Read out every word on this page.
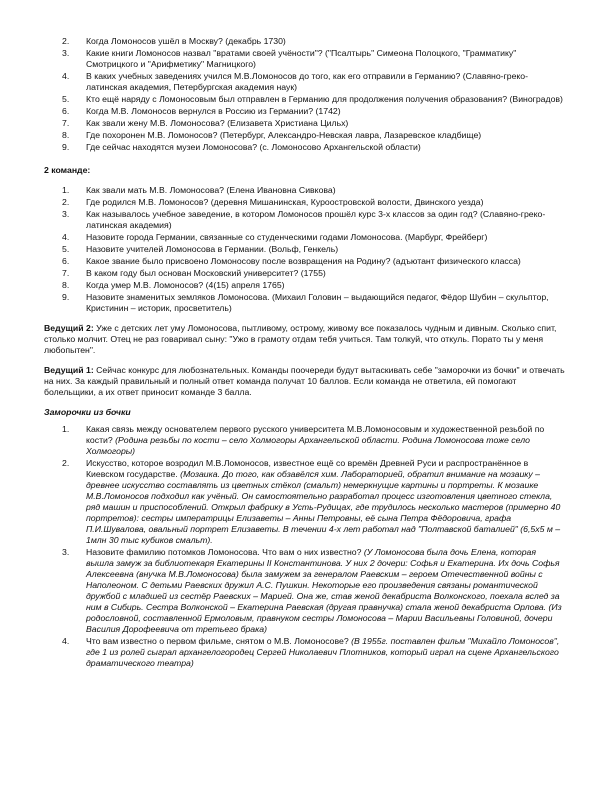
2.	Когда Ломоносов ушёл в Москву? (декабрь 1730)
3.	Какие книги Ломоносов назвал "вратами своей учёности"? ("Псалтырь" Симеона Полоцкого, "Грамматику" Смотрицкого и "Арифметику" Магницкого)
4.	В каких учебных заведениях учился М.В.Ломоносов до того, как его отправили в Германию? (Славяно-греко-латинская академия, Петербургская академия наук)
5.	Кто ещё наряду с Ломоносовым был отправлен в Германию для продолжения получения образования? (Виноградов)
6.	Когда М.В. Ломоносов вернулся в Россию из Германии? (1742)
7.	Как звали жену М.В. Ломоносова? (Елизавета Христиана Цильх)
8.	Где похоронен М.В. Ломоносов? (Петербург, Александро-Невская лавра, Лазаревское кладбище)
9.	Где сейчас находятся музеи Ломоносова? (с. Ломоносово Архангельской области)
2 команде:
1.	Как звали мать М.В. Ломоносова? (Елена Ивановна Сивкова)
2.	Где родился М.В. Ломоносов? (деревня Мишанинская, Куроостровской волости, Двинского уезда)
3.	Как называлось учебное заведение, в котором Ломоносов прошёл курс 3-х классов за один год? (Славяно-греко-латинская академия)
4.	Назовите города Германии, связанные со студенческими годами Ломоносова. (Марбург, Фрейберг)
5.	Назовите учителей Ломоносова в Германии. (Вольф, Генкель)
6.	Какое звание было присвоено Ломоносову после возвращения на Родину? (адъютант физического класса)
7.	В каком году был основан Московский университет? (1755)
8.	Когда умер М.В. Ломоносов? (4(15) апреля 1765)
9.	Назовите знаменитых земляков Ломоносова. (Михаил Головин – выдающийся педагог, Фёдор Шубин – скульптор, Кристинин – историк, просветитель)

Ведущий 2: Уже с детских лет уму Ломоносова, пытливому, острому, живому все показалось чудным и дивным. Сколько спит, столько молчит. Отец не раз говаривал сыну: "Ужо в грамоту отдам тебя учиться. Там толкуй, что откуль. Порато ты у меня любопытен".

Ведущий 1: Сейчас конкурс для любознательных. Команды поочереди будут вытаскивать себе "заморочки из бочки" и отвечать на них. За каждый правильный и полный ответ команда получат 10 баллов. Если команда не ответила, ей помогают болельщики, а их ответ приносит команде 3 балла.

Заморочки из бочки
1.	Какая связь между основателем первого русского университета М.В.Ломоносовым и художественной резьбой по кости? (Родина резьбы по кости – село Холмогоры Архангельской области. Родина Ломоносова тоже село Холмогоры)
2.	Искусство, которое возродил М.В.Ломоносов, известное ещё со времён Древней Руси и распространённое в Киевском государстве. (Мозаика. До того, как обзавёлся хим. Лабораторией, обратил внимание на мозаику – древнее искусство составлять из цветных стёкол (смальт) немеркнущие картины и портреты. К мозаике М.В.Ломоносов подходил как учёный. Он самостоятельно разработал процесс изготовления цветного стекла, ряд машин и приспособлений. Открыл фабрику в Усть-Рудицах, где трудилось несколько мастеров (примерно 40 портретов): сестры императрицы Елизаветы – Анны Петровны, её сына Петра Фёдоровича, графа П.И.Шувалова, овальный портрет Елизаветы. В течении 4-х лет работал над "Полтавской баталией" (6,5х5 м – 1млн 30 тыс кубиков смальт).
3.	Назовите фамилию потомков Ломоносова. Что вам о них известно? (У Ломоносова была дочь Елена, которая вышла замуж за библиотекаря Екатерины II Константинова. У них 2 дочери: Софья и Екатерина. Их дочь Софья Алексеевна (внучка М.В.Ломоносова) была замужем за генералом Раевским – героем Отечественной войны с Наполеоном. С детьми Раевских дружил А.С. Пушкин. Некоторые его произведения связаны романтической дружбой с младшей из сестёр Раевских – Марией. Она же, став женой декабриста Волконского, поехала вслед за ним в Сибирь. Сестра Волконской – Екатерина Раевская (другая правнучка) стала женой декабриста Орлова. (Из родословной, составленной Ермоловым, правнуком сестры Ломоносова – Марии Васильевны Головиной, дочери Василия Дорофеевича от третьего брака)
4.	Что вам известно о первом фильме, снятом о М.В. Ломоносове? (В 1955г. поставлен фильм "Михайло Ломоносов", где 1 из ролей сыграл архангелогородец Сергей Николаевич Плотников, который играл на сцене Архангельского драматического театра)
